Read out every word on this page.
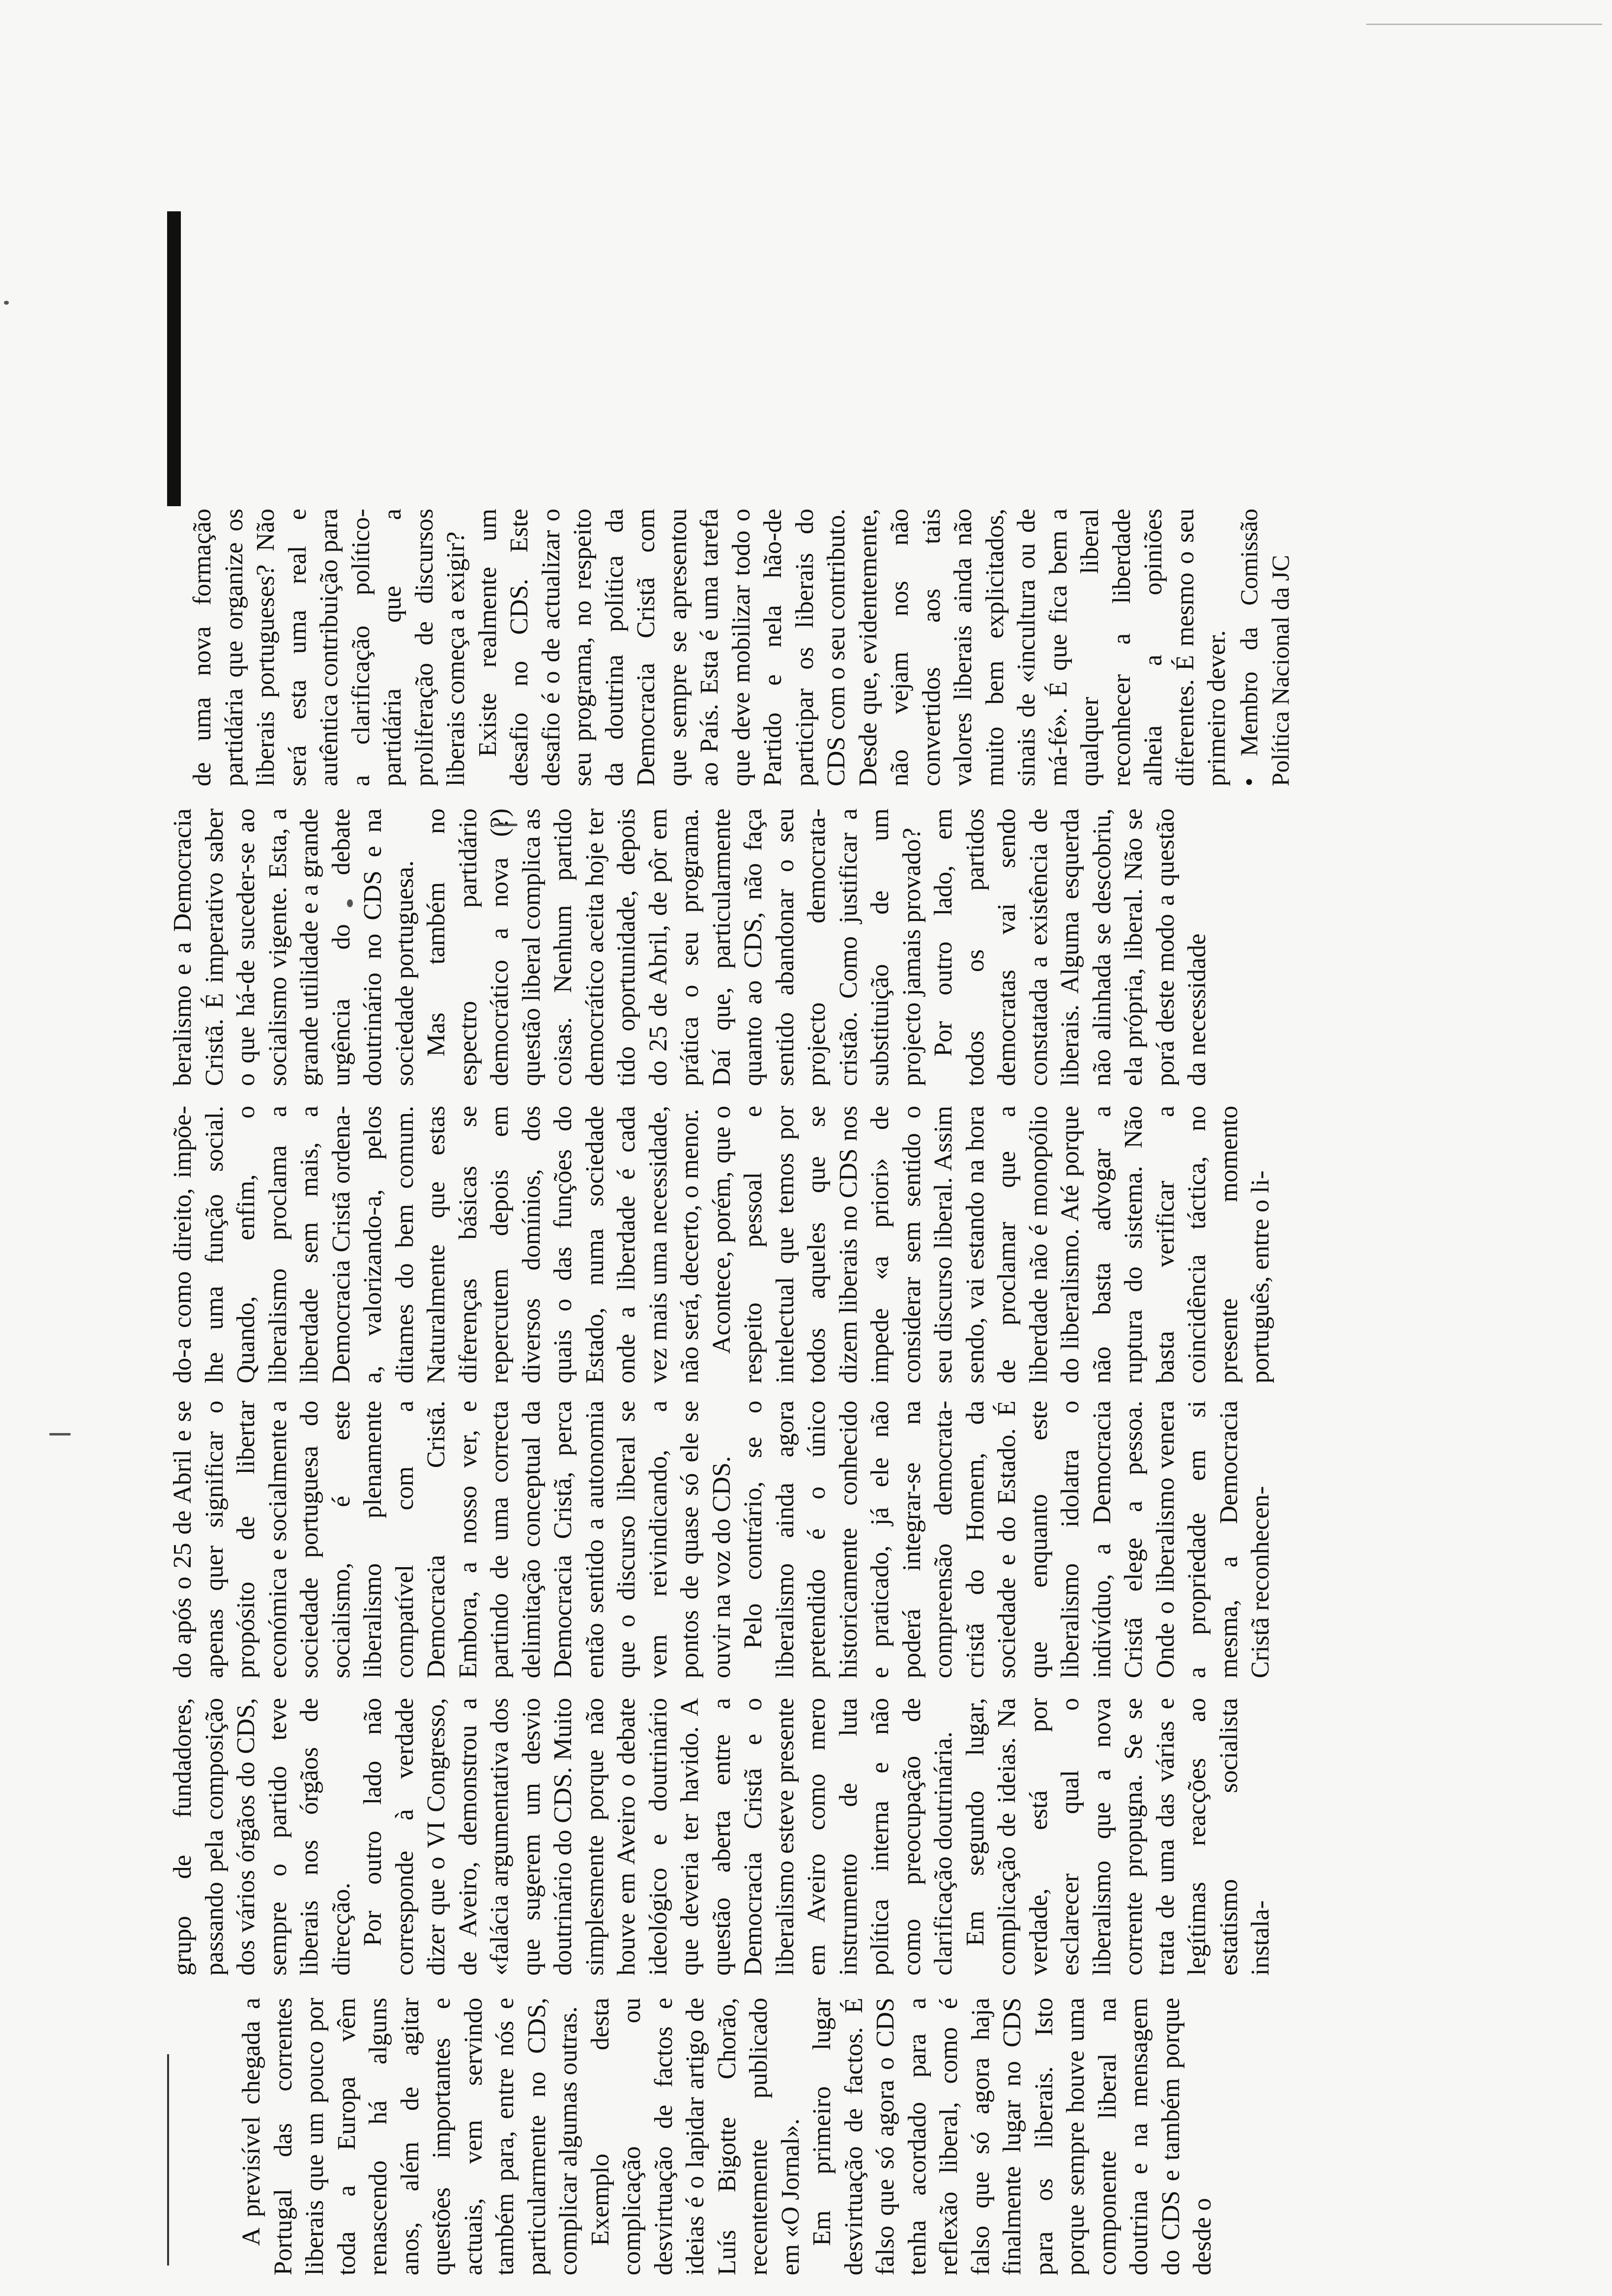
A previsível chegada a Portugal das correntes liberais que um pouco por toda a Europa vêm renascendo há alguns anos, além de agitar questões importantes e actuais, vem servindo também para, entre nós e particularmente no CDS, complicar algumas outras. Exemplo desta complicação ou desvirtuação de factos e ideias é o lapidar artigo de Luís Bigotte Chorão, recentemente publicado em «O Jornal». Em primeiro lugar desvirtuação de factos. É falso que só agora o CDS tenha acordado para a reflexão liberal, como é falso que só agora haja finalmente lugar no CDS para os liberais. Isto porque sempre houve uma componente liberal na doutrina e na mensagem do CDS e também porque desde o

grupo de fundadores, passando pela composição dos vários órgãos do CDS, sempre o partido teve liberais nos órgãos de direcção. Por outro lado não corresponde à verdade dizer que o VI Congresso, de Aveiro, demonstrou a «falácia argumentativa dos que sugerem um desvio doutrinário do CDS. Muito simplesmente porque não houve em Aveiro o debate ideológico e doutrinário que deveria ter havido. A questão aberta entre a Democracia Cristã e o liberalismo esteve presente em Aveiro como mero instrumento de luta política interna e não como preocupação de clarificação doutrinária. Em segundo lugar, complicação de ideias. Na verdade, está por esclarecer qual o liberalismo que a nova corrente propugna. Se se trata de uma das várias e legítimas reacções ao estatismo socialista instala-

do após o 25 de Abril e se apenas quer significar o propósito de libertar económica e socialmente a sociedade portuguesa do socialismo, é este liberalismo plenamente compatível com a Democracia Cristã. Embora, a nosso ver, e partindo de uma correcta delimitação conceptual da Democracia Cristã, perca então sentido a autonomia que o discurso liberal se vem reivindicando, a pontos de quase só ele se ouvir na voz do CDS. Pelo contrário, se o liberalismo ainda agora pretendido é o único historicamente conhecido e praticado, já ele não poderá integrar-se na compreensão democrata-cristã do Homem, da sociedade e do Estado. É que enquanto este liberalismo idolatra o indivíduo, a Democracia Cristã elege a pessoa. Onde o liberalismo venera a propriedade em si mesma, a Democracia Cristã reconhecen-

do-a como direito, impõe-lhe uma função social. Quando, enfim, o liberalismo proclama a liberdade sem mais, a Democracia Cristã ordena-a, valorizando-a, pelos ditames do bem comum. Naturalmente que estas diferenças básicas se repercutem depois em diversos domínios, dos quais o das funções do Estado, numa sociedade onde a liberdade é cada vez mais uma necessidade, não será, decerto, o menor. Acontece, porém, que o respeito pessoal e intelectual que temos por todos aqueles que se dizem liberais no CDS nos impede «a priori» de considerar sem sentido o seu discurso liberal. Assim sendo, vai estando na hora de proclamar que a liberdade não é monopólio do liberalismo. Até porque não basta advogar a ruptura do sistema. Não basta verificar a coincidência táctica, no presente momento português, entre o li-

beralismo e a Democracia Cristã. É imperativo saber o que há-de suceder-se ao socialismo vigente. Esta, a grande utilidade e a grande urgência do debate doutrinário no CDS e na sociedade portuguesa. Mas também no espectro partidário democrático a nova (?) questão liberal complica as coisas. Nenhum partido democrático aceita hoje ter tido oportunidade, depois do 25 de Abril, de pôr em prática o seu programa. Daí que, particularmente quanto ao CDS, não faça sentido abandonar o seu projecto democrata-cristão. Como justificar a substituição de um projecto jamais provado? Por outro lado, em todos os partidos democratas vai sendo constatada a existência de liberais. Alguma esquerda não alinhada se descobriu, ela própria, liberal. Não se porá deste modo a questão da necessidade

de uma nova formação partidária que organize os liberais portugueses? Não será esta uma real e autêntica contribuição para a clarificação político-partidária que a proliferação de discursos liberais começa a exigir? Existe realmente um desafio no CDS. Este desafio é o de actualizar o seu programa, no respeito da doutrina política da Democracia Cristã com que sempre se apresentou ao País. Esta é uma tarefa que deve mobilizar todo o Partido e nela hão-de participar os liberais do CDS com o seu contributo. Desde que, evidentemente, não vejam nos não convertidos aos tais valores liberais ainda não muito bem explicitados, sinais de «incultura ou de má-fé». É que fica bem a qualquer liberal reconhecer a liberdade alheia a opiniões diferentes. É mesmo o seu primeiro dever. • Membro da Comissão Política Nacional da JC
